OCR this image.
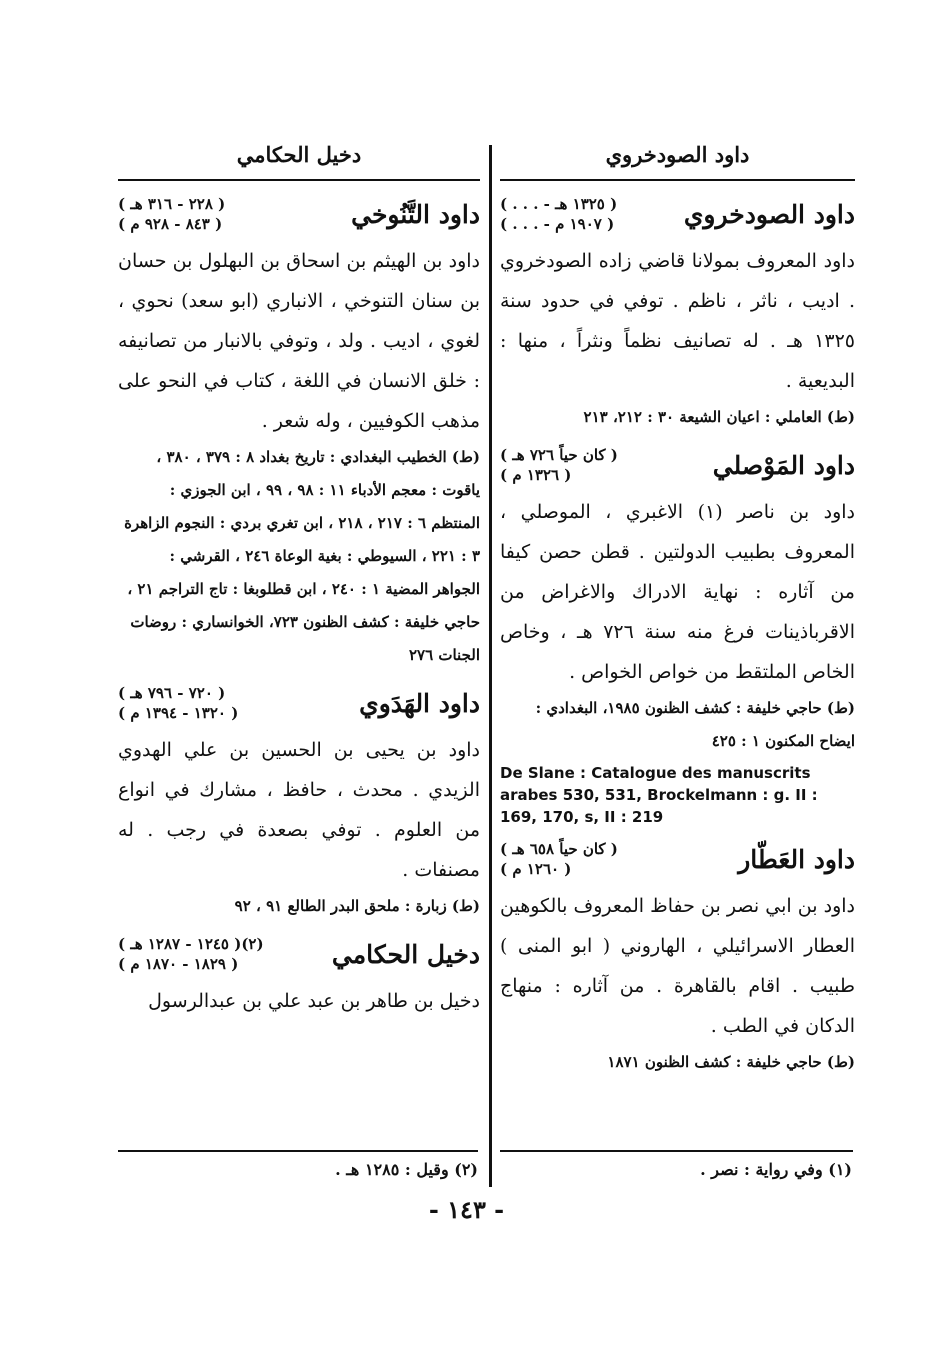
داود الصودخروي
داود الصودخروي
( . . . - ١٣٢٥ هـ )
( . . . - ١٩٠٧ م )
داود المعروف بمولانا قاضي زاده الصودخروي . اديب ، ناثر ، ناظم . توفي في حدود سنة ١٣٢٥ هـ . له تصانيف نظماً ونثراً ، منها : البديعية .
(ط) العاملي : اعيان الشيعة ٣٠ : ٢١٢، ٢١٣
داود المَوْصلي
( كان حياً ٧٢٦ هـ )
( ١٣٢٦ م )
داود بن ناصر (١) الاغبري ، الموصلي ، المعروف بطبيب الدولتين . قطن حصن كيفا من آثاره : نهاية الادراك والاغراض من الاقرباذينات فرغ منه سنة ٧٢٦ هـ ، وخاص الخاص الملتقط من خواص الخواص .
(ط) حاجي خليفة : كشف الظنون ١٩٨٥، البغدادي : ايضاح المكنون ١ : ٤٢٥
De Slane : Catalogue des manuscrits arabes 530, 531, Brockelmann : g. II : 169, 170, s, II : 219
داود العَطّار
( كان حياً ٦٥٨ هـ )
( ١٢٦٠ م )
داود بن ابي نصر بن حفاظ المعروف بالكوهين العطار الاسرائيلي ، الهاروني ( ابو المنى ) طبيب . اقام بالقاهرة . من آثاره : منهاج الدكان في الطب .
(ط) حاجي خليفة : كشف الظنون ١٨٧١
دخيل الحكامي
داود التَّنُوخي
( ٢٢٨ - ٣١٦ هـ )
( ٨٤٣ - ٩٢٨ م )
داود بن الهيثم بن اسحاق بن البهلول بن حسان بن سنان التنوخي ، الانباري (ابو سعد) نحوي ، لغوي ، اديب . ولد ، وتوفي بالانبار من تصانيفه : خلق الانسان في اللغة ، كتاب في النحو على مذهب الكوفيين ، وله شعر .
(ط) الخطيب البغدادي : تاريخ بغداد ٨ : ٣٧٩ ، ٣٨٠ ، ياقوت : معجم الأدباء ١١ : ٩٨ ، ٩٩ ، ابن الجوزي : المنتظم ٦ : ٢١٧ ، ٢١٨ ، ابن تغري بردي : النجوم الزاهرة ٣ : ٢٢١ ، السيوطي : بغية الوعاة ٢٤٦ ، القرشي : الجواهر المضية ١ : ٢٤٠ ، ابن قطلوبغا : تاج التراجم ٢١ ، حاجي خليفة : كشف الظنون ٧٢٣، الخوانساري : روضات الجنات ٢٧٦
داود الهَدَوي
( ٧٢٠ - ٧٩٦ هـ )
( ١٣٢٠ - ١٣٩٤ م )
داود بن يحيى بن الحسين بن علي الهدوي الزيدي . محدث ، حافظ ، مشارك في انواع من العلوم . توفي بصعدة في رجب . له مصنفات .
(ط) زبارة : ملحق البدر الطالع ٩١ ، ٩٢
دخيل الحكامي
( ١٢٤٥ - ١٢٨٧ هـ )(٢)
( ١٨٢٩ - ١٨٧٠ م )
دخيل بن طاهر بن عبد علي بن عبدالرسول
(١) وفي رواية : نصر .
(٢) وقيل : ١٢٨٥ هـ .
- ١٤٣ -
